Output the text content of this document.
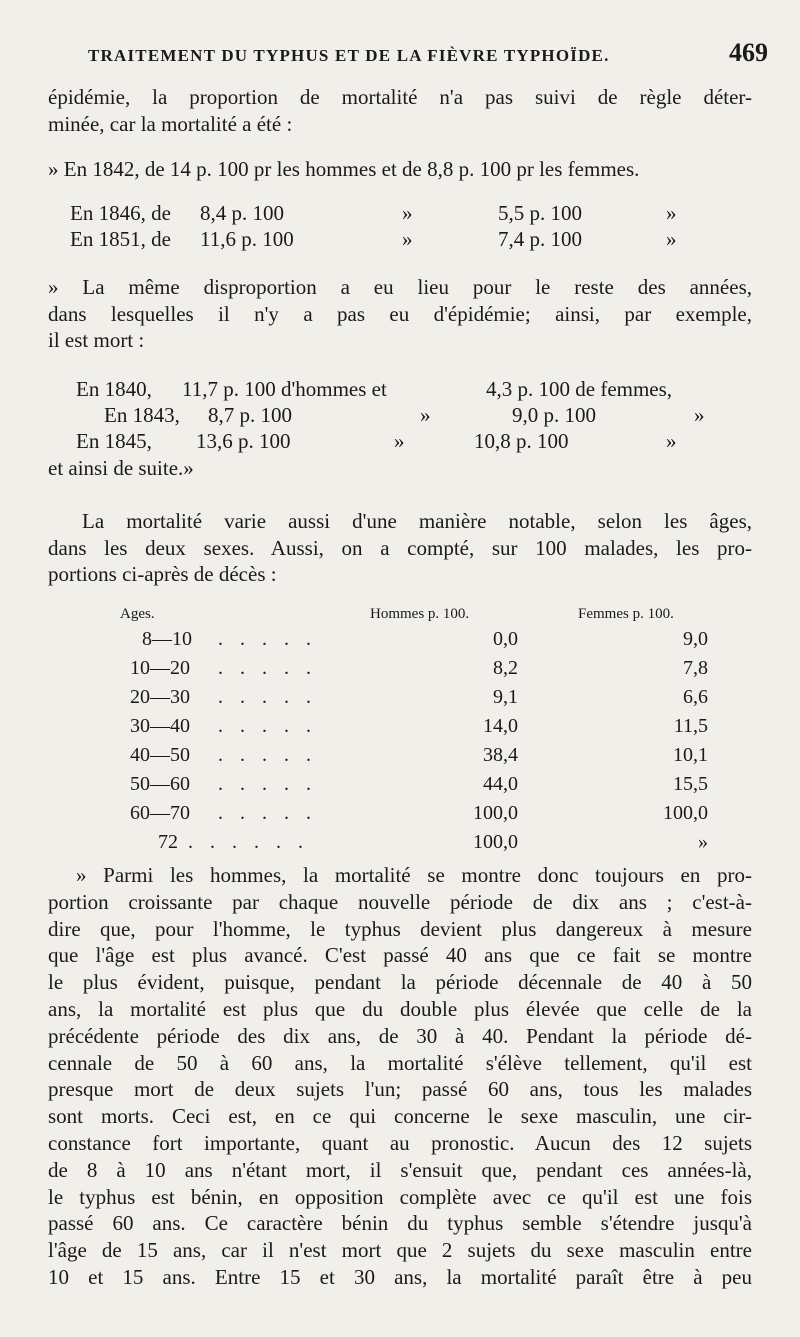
TRAITEMENT DU TYPHUS ET DE LA FIÈVRE TYPHOÏDE.	469
épidémie, la proportion de mortalité n'a pas suivi de règle déter-
minée, car la mortalité a été :
» En 1842, de 14 p. 100 pr les hommes et de 8,8 p. 100 pr les femmes.
En 1846, de 8,4 p. 100	»	5,5 p. 100	»
En 1851, de 11,6 p. 100	»	7,4 p. 100	»
» La même disproportion a eu lieu pour le reste des années,
dans lesquelles il n'y a pas eu d'épidémie; ainsi, par exemple,
il est mort :
En 1840, 11,7 p. 100 d'hommes et	4,3 p. 100 de femmes,
En 1843, 8,7 p. 100	»	9,0 p. 100	»
En 1845, 13,6 p. 100	»	10,8 p. 100	»
et ainsi de suite.»
La mortalité varie aussi d'une manière notable, selon les âges,
dans les deux sexes. Aussi, on a compté, sur 100 malades, les pro-
portions ci-après de décès :
Ages.	Hommes p. 100.	Femmes p. 100.
8—10	. . . . .	0,0	9,0
10—20	. . . . .	8,2	7,8
20—30	. . . . .	9,1	6,6
30—40	. . . . .	14,0	11,5
40—50	. . . . .	38,4	10,1
50—60	. . . . .	44,0	15,5
60—70	. . . . .	100,0	100,0
72 . . . . . .	100,0	»
» Parmi les hommes, la mortalité se montre donc toujours en pro-
portion croissante par chaque nouvelle période de dix ans ; c'est-à-
dire que, pour l'homme, le typhus devient plus dangereux à mesure
que l'âge est plus avancé. C'est passé 40 ans que ce fait se montre
le plus évident, puisque, pendant la période décennale de 40 à 50
ans, la mortalité est plus que du double plus élevée que celle de la
précédente période des dix ans, de 30 à 40. Pendant la période dé-
cennale de 50 à 60 ans, la mortalité s'élève tellement, qu'il est
presque mort de deux sujets l'un; passé 60 ans, tous les malades
sont morts. Ceci est, en ce qui concerne le sexe masculin, une cir-
constance fort importante, quant au pronostic. Aucun des 12 sujets
de 8 à 10 ans n'étant mort, il s'ensuit que, pendant ces années-là,
le typhus est bénin, en opposition complète avec ce qu'il est une fois
passé 60 ans. Ce caractère bénin du typhus semble s'étendre jusqu'à
l'âge de 15 ans, car il n'est mort que 2 sujets du sexe masculin entre
10 et 15 ans. Entre 15 et 30 ans, la mortalité paraît être à peu
